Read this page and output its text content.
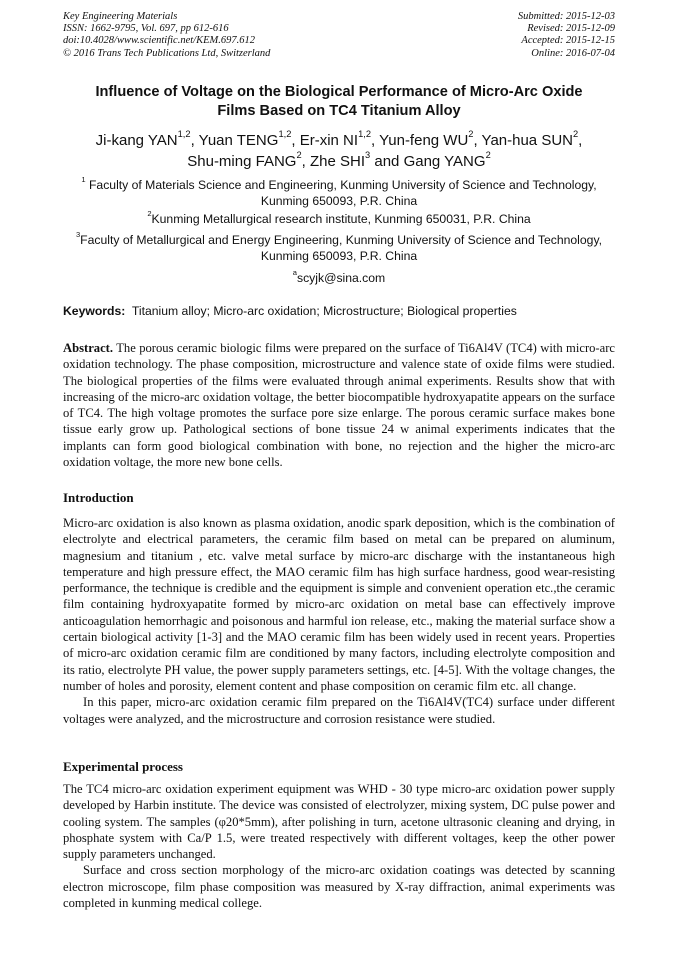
Key Engineering Materials
ISSN: 1662-9795, Vol. 697, pp 612-616
doi:10.4028/www.scientific.net/KEM.697.612
© 2016 Trans Tech Publications Ltd, Switzerland
Submitted: 2015-12-03
Revised: 2015-12-09
Accepted: 2015-12-15
Online: 2016-07-04
Influence of Voltage on the Biological Performance of Micro-Arc Oxide
Films Based on TC4 Titanium Alloy
Ji-kang YAN$^{1,2}$, Yuan TENG$^{1,2}$, Er-xin NI$^{1,2}$, Yun-feng $WU^2$, Yan-hua SUN$^2$,
Shu-ming FANG$^2$, Zhe SHI$^3$ and Gang YANG$^2$
$^1$ Faculty of Materials Science and Engineering, Kunming University of Science and Technology, Kunming 650093, P.R. China
$^2$Kunming Metallurgical research institute, Kunming 650031, P.R. China
$^3$Faculty of Metallurgical and Energy Engineering, Kunming University of Science and Technology, Kunming 650093, P.R. China
$^a$scyjk@sina.com
Keywords: Titanium alloy; Micro-arc oxidation; Microstructure; Biological properties

Abstract. The porous ceramic biologic films were prepared on the surface of Ti6Al4V (TC4) with micro-arc oxidation technology. The phase composition, microstructure and valence state of oxide films were studied. The biological properties of the films were evaluated through animal experiments. Results show that with increasing of the micro-arc oxidation voltage, the better biocompatible hydroxyapatite appears on the surface of TC4. The high voltage promotes the surface pore size enlarge. The porous ceramic surface makes bone tissue early grow up. Pathological sections of bone tissue 24 w animal experiments indicates that the implants can form good biological combination with bone, no rejection and the higher the micro-arc oxidation voltage, the more new bone cells.

Introduction

Micro-arc oxidation is also known as plasma oxidation, anodic spark deposition, which is the combination of electrolyte and electrical parameters, the ceramic film based on metal can be prepared on aluminum, magnesium and titanium , etc. valve metal surface by micro-arc discharge with the instantaneous high temperature and high pressure effect, the MAO ceramic film has high surface hardness, good wear-resisting performance, the technique is credible and the equipment is simple and convenient operation etc.,the ceramic film containing hydroxyapatite formed by micro-arc oxidation on metal base can effectively improve anticoagulation hemorrhagic and poisonous and harmful ion release, etc., making the material surface show a certain biological activity [1-3] and the MAO ceramic film has been widely used in recent years. Properties of micro-arc oxidation ceramic film are conditioned by many factors, including electrolyte composition and its ratio, electrolyte PH value, the power supply parameters settings, etc. [4-5]. With the voltage changes, the number of holes and porosity, element content and phase composition on ceramic film etc. all change.

In this paper, micro-arc oxidation ceramic film prepared on the Ti6Al4V(TC4) surface under different voltages were analyzed, and the microstructure and corrosion resistance were studied.

Experimental process

The TC4 micro-arc oxidation experiment equipment was WHD - 30 type micro-arc oxidation power supply developed by Harbin institute. The device was consisted of electrolyzer, mixing system, DC pulse power and cooling system. The samples (φ20*5mm), after polishing in turn, acetone ultrasonic cleaning and drying, in phosphate system with Ca/P 1.5, were treated respectively with different voltages, keep the other power supply parameters unchanged.

Surface and cross section morphology of the micro-arc oxidation coatings was detected by scanning electron microscope, film phase composition was measured by X-ray diffraction, animal experiments was completed in kunming medical college.
